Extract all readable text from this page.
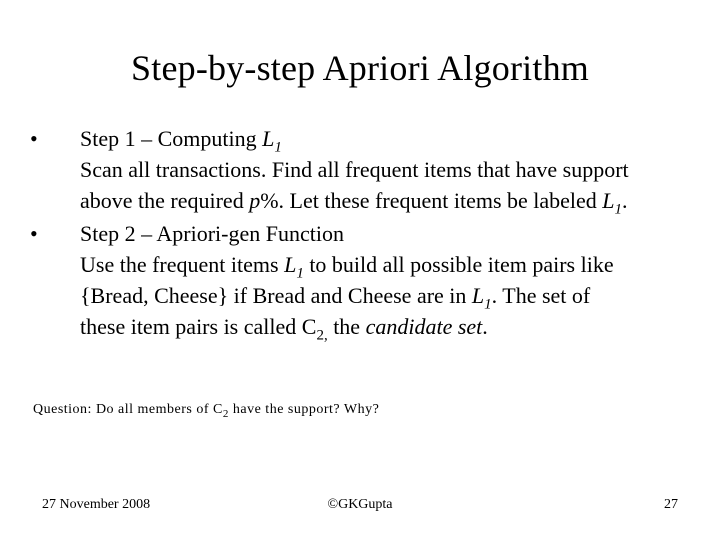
Step-by-step Apriori Algorithm
•	Step 1 – Computing $L_1$
Scan all transactions. Find all frequent items that have support
above the required p%. Let these frequent items be labeled $L_1$.
•	Step 2 – Apriori-gen Function
Use the frequent items $L_1$ to build all possible item pairs like
{Bread, Cheese} if Bread and Cheese are in $L_1$. The set of
these item pairs is called $C_{2,}$ the candidate set.
Question: Do all members of $C_2$ have the support? Why?
27 November 2008	©GKGupta	27
